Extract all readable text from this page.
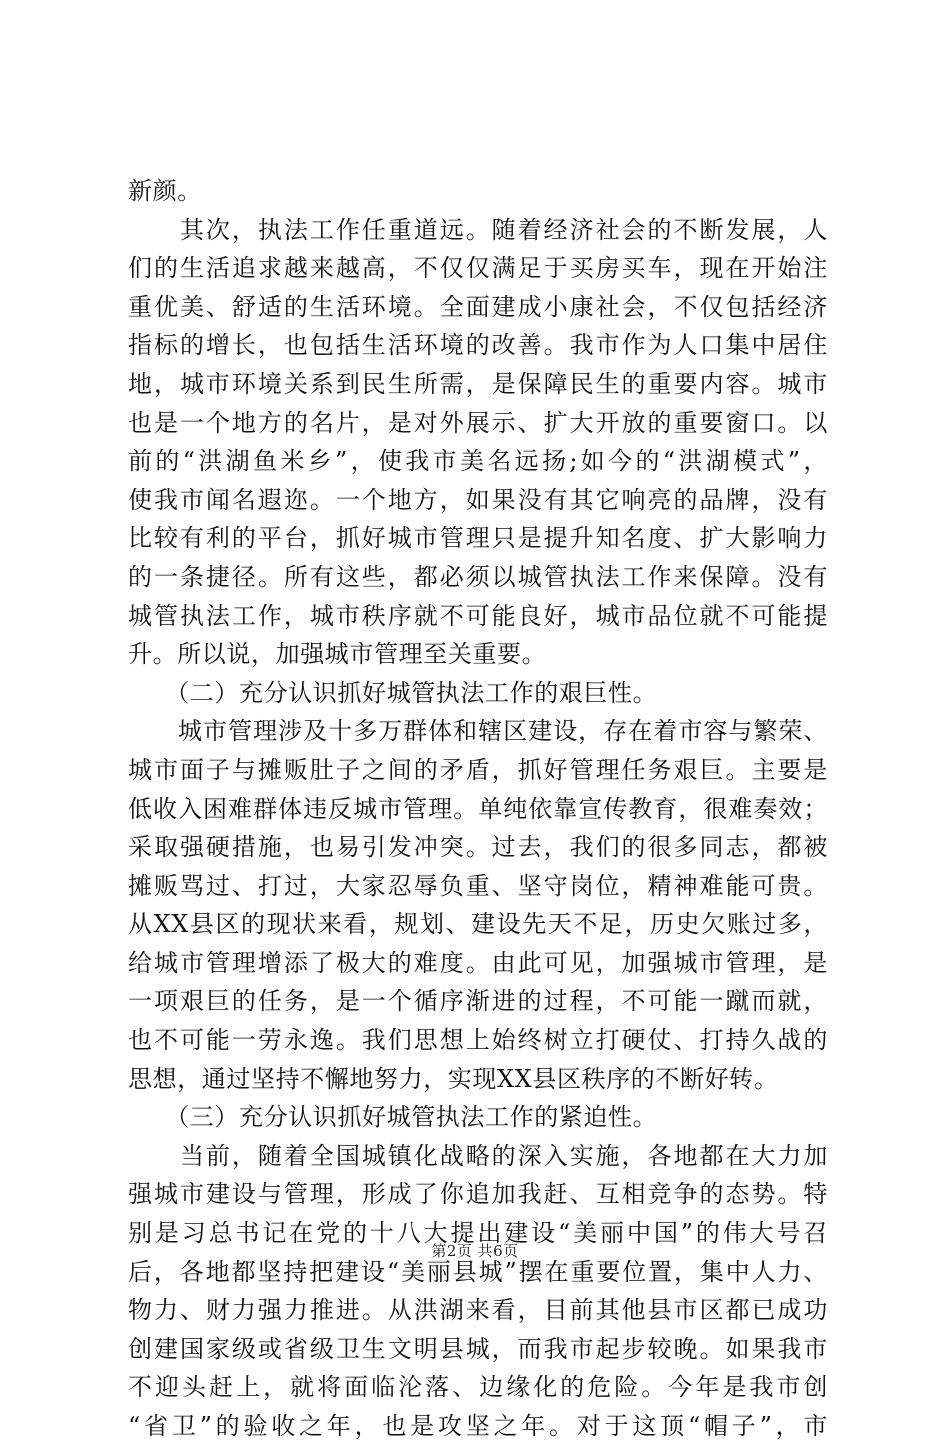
新颜。
　　其次，执法工作任重道远。随着经济社会的不断发展，人
们的生活追求越来越高，不仅仅满足于买房买车，现在开始注
重优美、舒适的生活环境。全面建成小康社会，不仅包括经济
指标的增长，也包括生活环境的改善。我市作为人口集中居住
地，城市环境关系到民生所需，是保障民生的重要内容。城市
也是一个地方的名片，是对外展示、扩大开放的重要窗口。以
前的“洪湖鱼米乡”，使我市美名远扬;如今的“洪湖模式”，
使我市闻名遐迩。一个地方，如果没有其它响亮的品牌，没有
比较有利的平台，抓好城市管理只是提升知名度、扩大影响力
的一条捷径。所有这些，都必须以城管执法工作来保障。没有
城管执法工作，城市秩序就不可能良好，城市品位就不可能提
升。所以说，加强城市管理至关重要。
　　（二）充分认识抓好城管执法工作的艰巨性。
　　城市管理涉及十多万群体和辖区建设，存在着市容与繁荣、
城市面子与摊贩肚子之间的矛盾，抓好管理任务艰巨。主要是
低收入困难群体违反城市管理。单纯依靠宣传教育，很难奏效；
采取强硬措施，也易引发冲突。过去，我们的很多同志，都被
摊贩骂过、打过，大家忍辱负重、坚守岗位，精神难能可贵。
从XX县区的现状来看，规划、建设先天不足，历史欠账过多，
给城市管理增添了极大的难度。由此可见，加强城市管理，是
一项艰巨的任务，是一个循序渐进的过程，不可能一蹴而就，
也不可能一劳永逸。我们思想上始终树立打硬仗、打持久战的
思想，通过坚持不懈地努力，实现XX县区秩序的不断好转。
　　（三）充分认识抓好城管执法工作的紧迫性。
　　当前，随着全国城镇化战略的深入实施，各地都在大力加
强城市建设与管理，形成了你追加我赶、互相竞争的态势。特
别是习总书记在党的十八大提出建设“美丽中国”的伟大号召
后，各地都坚持把建设“美丽县城”摆在重要位置，集中人力、
物力、财力强力推进。从洪湖来看，目前其他县市区都已成功
创建国家级或省级卫生文明县城，而我市起步较晚。如果我市
不迎头赶上，就将面临沦落、边缘化的危险。今年是我市创
“省卫”的验收之年，也是攻坚之年。对于这顶“帽子”，市
第2页 共6页
